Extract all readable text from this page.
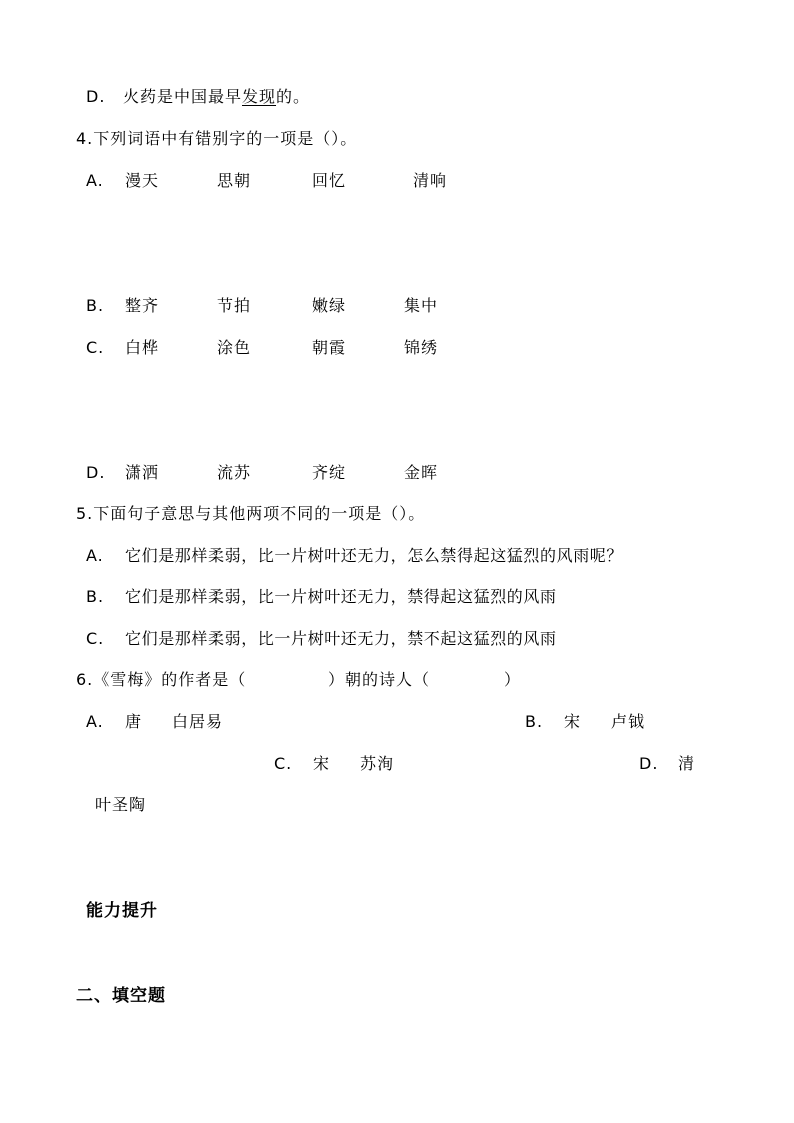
D. 火药是中国最早发现的。
4.下列词语中有错别字的一项是（）。
A. 漫天	思朝	回忆	清响
B. 整齐	节拍	嫩绿	集中
C. 白桦	涂色	朝霞	锦绣
D. 潇洒	流苏	齐绽	金晖
5.下面句子意思与其他两项不同的一项是（）。
A. 它们是那样柔弱，比一片树叶还无力，怎么禁得起这猛烈的风雨呢？
B. 它们是那样柔弱，比一片树叶还无力，禁得起这猛烈的风雨
C. 它们是那样柔弱，比一片树叶还无力，禁不起这猛烈的风雨
6.《雪梅》的作者是（	）朝的诗人（	）
A. 唐 白居易	B. 宋 卢钺
C. 宋 苏洵	D. 清
叶圣陶
能力提升
二、填空题
